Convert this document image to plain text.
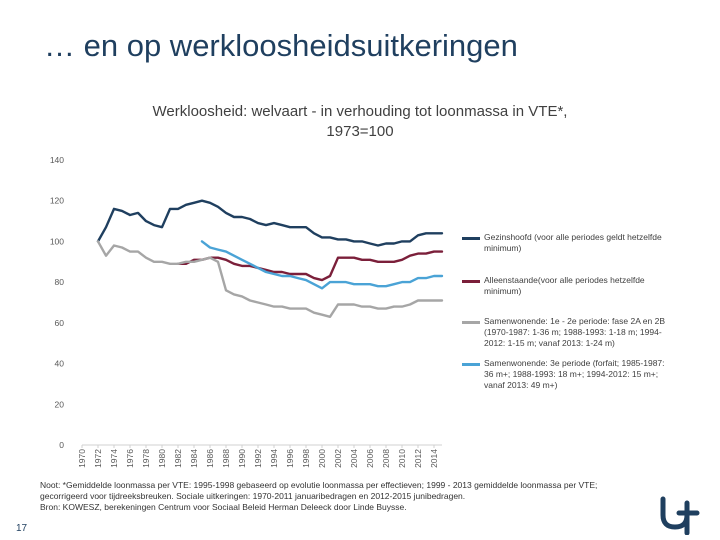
… en op werkloosheidsuitkeringen
Werkloosheid: welvaart - in verhouding tot loonmassa in VTE*,
1973=100
0
20
40
60
80
100
120
140
1970 1972 1974 1976 1978 1980 1982 1984 1986 1988 1990 1992 1994 1996 1998 2000 2002 2004 2006 2008 2010 2012 2014
Gezinshoofd (voor alle periodes geldt hetzelfde minimum)
Alleenstaande(voor alle periodes hetzelfde minimum)
Samenwonende: 1e - 2e periode: fase 2A en 2B (1970-1987: 1-36 m; 1988-1993: 1-18 m; 1994-2012: 1-15 m; vanaf 2013: 1-24 m)
Samenwonende: 3e periode (forfait; 1985-1987: 36 m+; 1988-1993: 18 m+; 1994-2012: 15 m+; vanaf 2013: 49 m+)
Noot: *Gemiddelde loonmassa per VTE: 1995-1998 gebaseerd op evolutie loonmassa per effectieven; 1999 - 2013 gemiddelde loonmassa per VTE;
gecorrigeerd voor tijdreeksbreuken. Sociale uitkeringen: 1970-2011 januaribedragen en 2012-2015 junibedragen.
Bron: KOWESZ, berekeningen Centrum voor Sociaal Beleid Herman Deleeck door Linde Buysse.
17
